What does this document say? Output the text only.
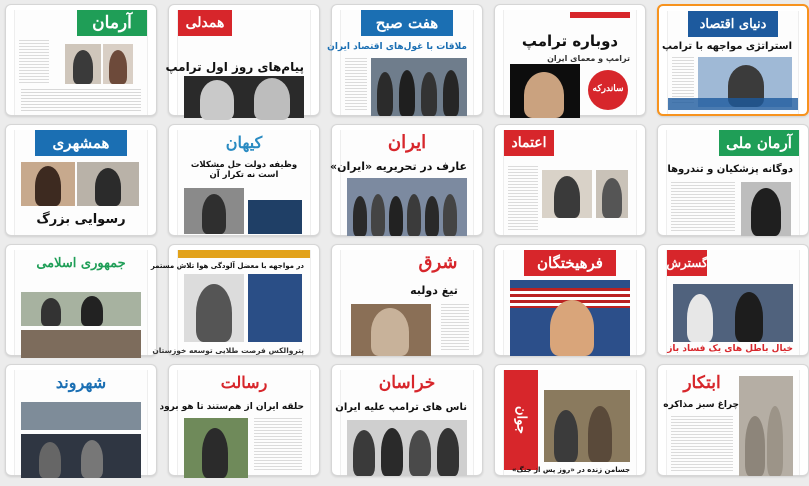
آرمان	همدلی
پیام‌های روز اول ترامپ
هفت صبح
ملاقات با غول‌های اقتصاد ایران	دوباره ترامپ
ترامپ و معمای ایران
ساندرکه
دنیای اقتصاد
استراتژی مواجهه با ترامپ
همشهری
رسوایی بزرگ
کیهان
وظیفه دولت حل مشکلات است نه تکرار آن
ایران
عارف در تحریریه «ایران»
اعتماد	آرمان ملی
دوگانه پزشکیان و تندروها
جمهوری اسلامی	در مواجهه با معضل آلودگی هوا تلاش مستمر
پتروالکس فرصت طلایی توسعه خوزستان
شرق
تیغ دولبه
فرهیختگان	گسترش
خیال باطل های یک فساد باز
شهروند	رسالت
حلقه ایران از هم‌ستند تا هو برود
خراسان
ناس های ترامپ علیه ایران	جوان
جسامن زنده در «روز پس از جنگ»
ابتکار
چراغ سبز مذاکره
